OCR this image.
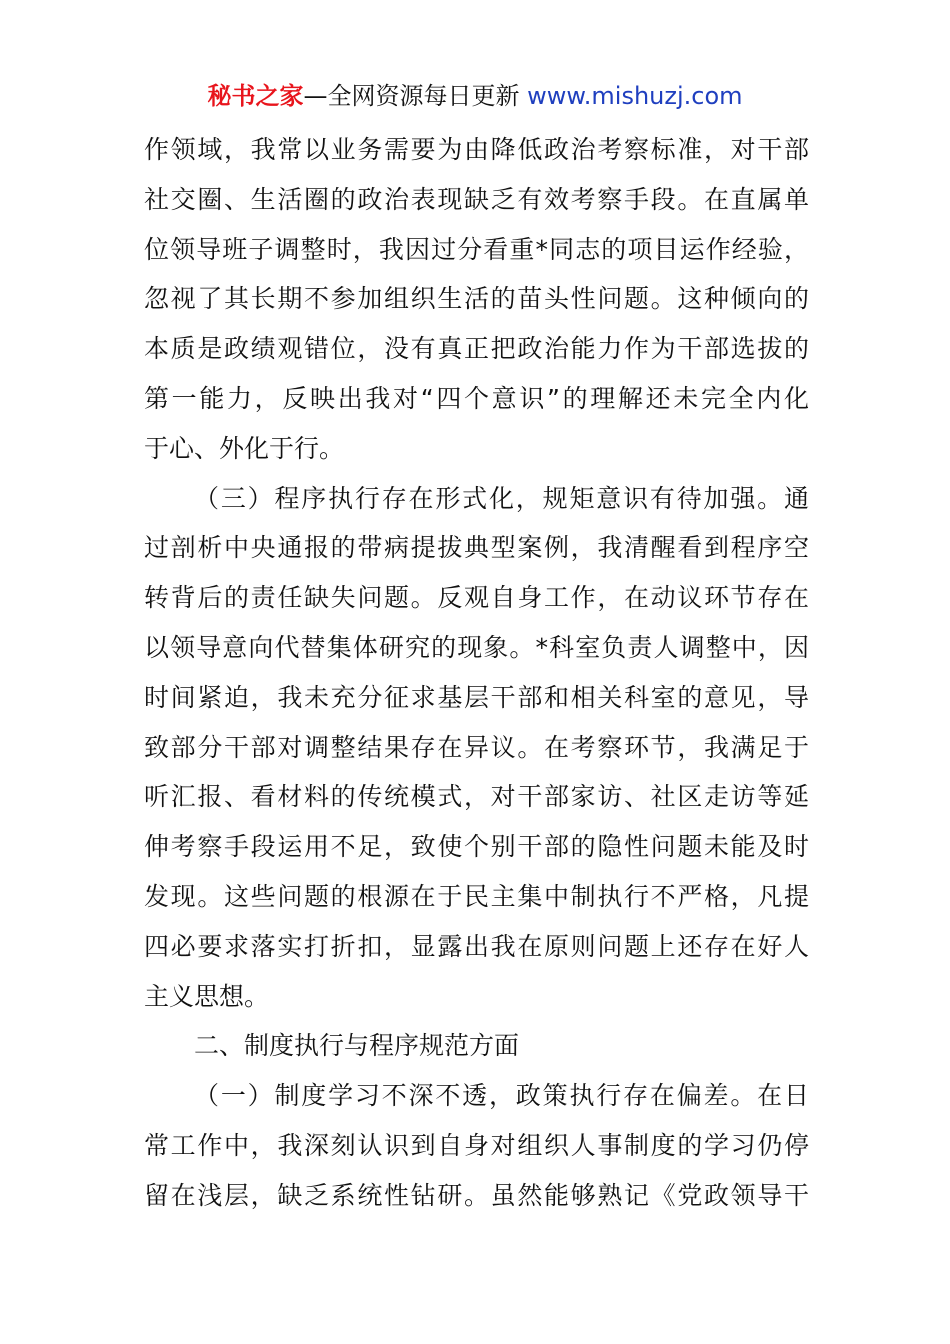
秘书之家—全网资源每日更新 www.mishuzj.com
作领域，我常以业务需要为由降低政治考察标准，对干部
社交圈、生活圈的政治表现缺乏有效考察手段。在直属单
位领导班子调整时，我因过分看重*同志的项目运作经验，
忽视了其长期不参加组织生活的苗头性问题。这种倾向的
本质是政绩观错位，没有真正把政治能力作为干部选拔的
第一能力，反映出我对“四个意识”的理解还未完全内化
于心、外化于行。
（三）程序执行存在形式化，规矩意识有待加强。通
过剖析中央通报的带病提拔典型案例，我清醒看到程序空
转背后的责任缺失问题。反观自身工作，在动议环节存在
以领导意向代替集体研究的现象。*科室负责人调整中，因
时间紧迫，我未充分征求基层干部和相关科室的意见，导
致部分干部对调整结果存在异议。在考察环节，我满足于
听汇报、看材料的传统模式，对干部家访、社区走访等延
伸考察手段运用不足，致使个别干部的隐性问题未能及时
发现。这些问题的根源在于民主集中制执行不严格，凡提
四必要求落实打折扣，显露出我在原则问题上还存在好人
主义思想。
二、制度执行与程序规范方面
（一）制度学习不深不透，政策执行存在偏差。在日
常工作中，我深刻认识到自身对组织人事制度的学习仍停
留在浅层，缺乏系统性钻研。虽然能够熟记《党政领导干
